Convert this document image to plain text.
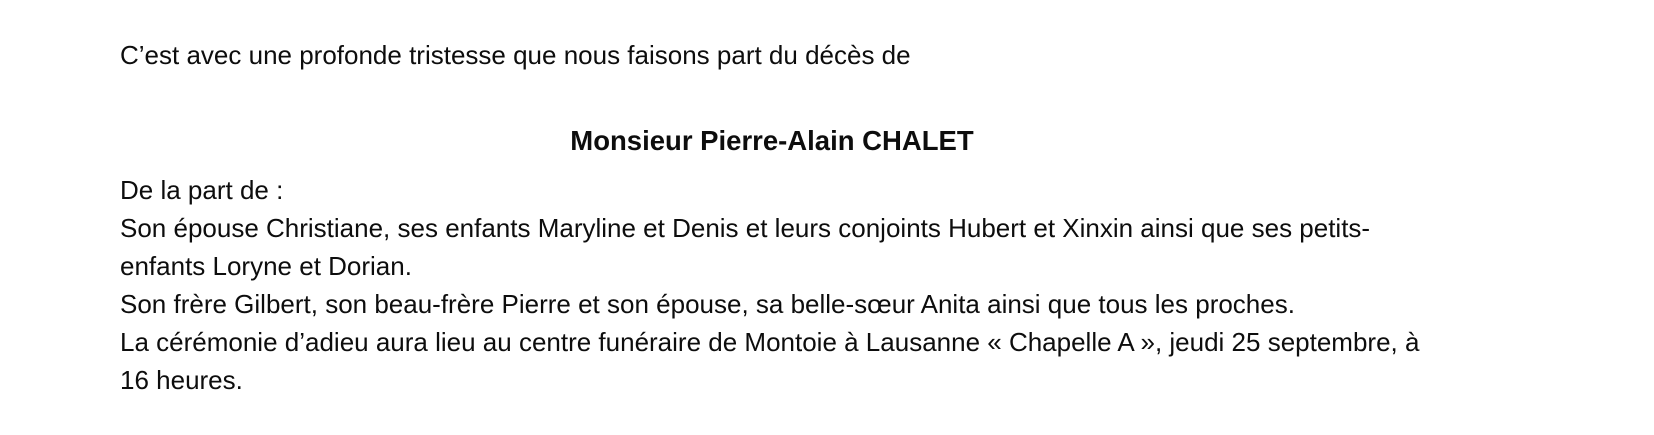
C’est avec une profonde tristesse que nous faisons part du décès de

Monsieur Pierre-Alain CHALET

De la part de :

Son épouse Christiane, ses enfants Maryline et Denis et leurs conjoints Hubert et Xinxin ainsi que ses petits-enfants Loryne et Dorian.

Son frère Gilbert, son beau-frère Pierre et son épouse, sa belle-sœur Anita ainsi que tous les proches.

La cérémonie d’adieu aura lieu au centre funéraire de Montoie à Lausanne « Chapelle A », jeudi 25 septembre, à 16 heures.
